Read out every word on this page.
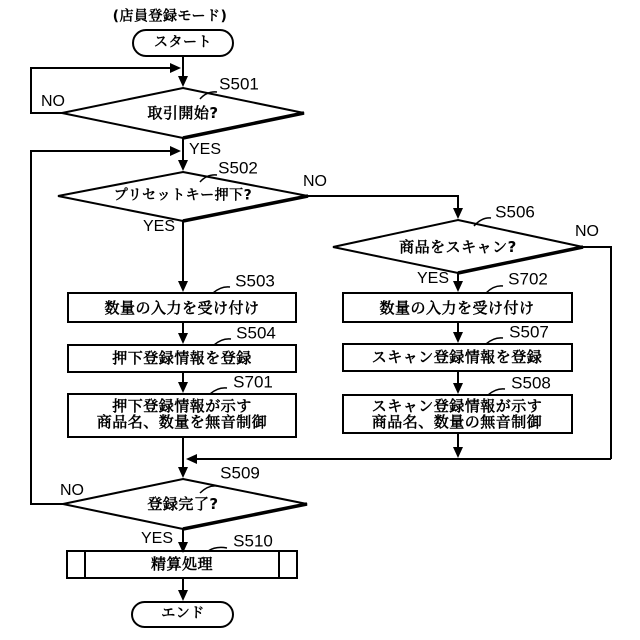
(店員登録モード)
スタート
S501
取引開始?
NO
YES
S502
プリセットキー押下?
NO
YES
S506
商品をスキャン?
NO
YES
S503
数量の入力を受け付け
S504
押下登録情報を登録
S701
押下登録情報が示す
商品名、数量を無音制御
S702
数量の入力を受け付け
S507
スキャン登録情報を登録
S508
スキャン登録情報が示す
商品名、数量の無音制御
S509
登録完了?
NO
YES	S510
精算処理
エンド
